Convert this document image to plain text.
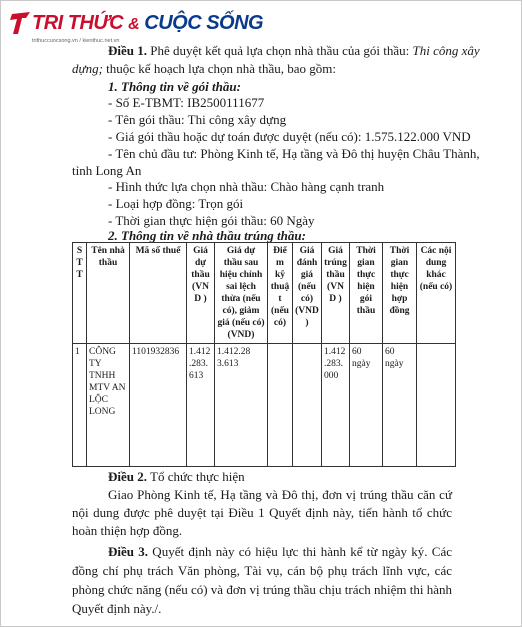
TRI THỨC & CUỘC SỐNG
trithuccuocsong.vn / kienthuc.net.vn
Điều 1. Phê duyệt kết quả lựa chọn nhà thầu của gói thầu: Thi công xây
dựng; thuộc kế hoạch lựa chọn nhà thầu, bao gồm:
1. Thông tin về gói thầu:
- Số E-TBMT: IB2500111677
- Tên gói thầu: Thi công xây dựng
- Giá gói thầu hoặc dự toán được duyệt (nếu có): 1.575.122.000 VND
- Tên chủ đầu tư: Phòng Kinh tế, Hạ tầng và Đô thị huyện Châu Thành,
tỉnh Long An
- Hình thức lựa chọn nhà thầu: Chào hàng cạnh tranh
- Loại hợp đồng: Trọn gói
- Thời gian thực hiện gói thầu: 60 Ngày
2. Thông tin về nhà thầu trúng thầu:
S T T	Tên nhà thầu	Mã số thuế	Giá dự thầu (VND )	Giá dự thầu sau hiệu chỉnh sai lệch thừa (nếu có), giảm giá (nếu có) (VND)	Điểm kỹ thuật (nếu có)	Giá đánh giá (nếu có) (VND )	Giá trúng thầu (VND )	Thời gian thực hiện gói thầu	Thời gian thực hiện hợp đồng	Các nội dung khác (nếu có)
1	CÔNG TY TNHH MTV AN LỘC LONG	1101932836	1.412 .283. 613	1.412.28 3.613			1.412 .283. 000	60 ngày	60 ngày	
Điều 2. Tổ chức thực hiện
Giao Phòng Kinh tế, Hạ tầng và Đô thị, đơn vị trúng thầu căn cứ nội dung được phê duyệt tại Điều 1 Quyết định này, tiến hành tổ chức hoàn thiện hợp đồng.
Điều 3. Quyết định này có hiệu lực thi hành kể từ ngày ký. Các đồng chí phụ trách Văn phòng, Tài vụ, cán bộ phụ trách lĩnh vực, các phòng chức năng (nếu có) và đơn vị trúng thầu chịu trách nhiệm thi hành Quyết định này./.
